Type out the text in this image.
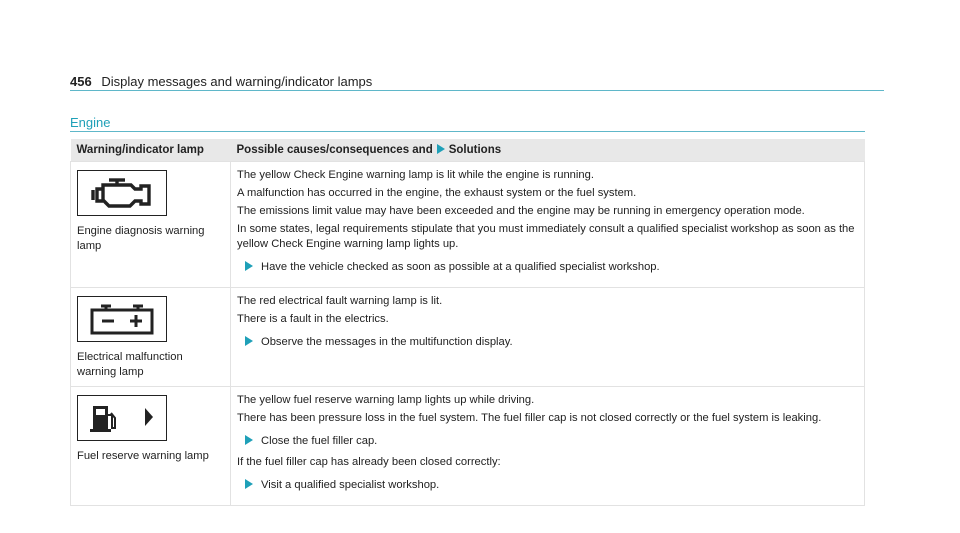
456 Display messages and warning/indicator lamps
Engine
Warning/indicator lamp	Possible causes/consequences and Solutions

Engine diagnosis warning lamp	The yellow Check Engine warning lamp is lit while the engine is running.

A malfunction has occurred in the engine, the exhaust system or the fuel system.

The emissions limit value may have been exceeded and the engine may be running in emergency operation mode.

In some states, legal requirements stipulate that you must immediately consult a qualified specialist workshop as soon as the yellow Check Engine warning lamp lights up.

Have the vehicle checked as soon as possible at a qualified specialist workshop.

Electrical malfunction warning lamp	The red electrical fault warning lamp is lit.

There is a fault in the electrics.

Observe the messages in the multifunction display.

Fuel reserve warning lamp	The yellow fuel reserve warning lamp lights up while driving.

There has been pressure loss in the fuel system. The fuel filler cap is not closed correctly or the fuel system is leaking.

Close the fuel filler cap.

If the fuel filler cap has already been closed correctly:

Visit a qualified specialist workshop.
